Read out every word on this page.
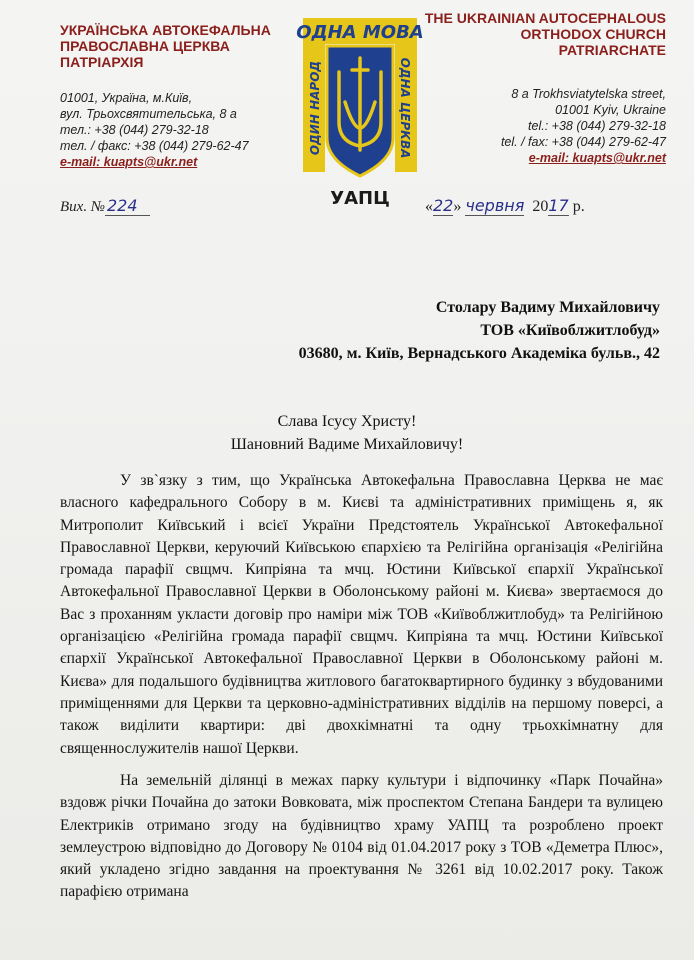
УКРАЇНСЬКА АВТОКЕФАЛЬНА
ПРАВОСЛАВНА ЦЕРКВА
ПАТРІАРХІЯ
THE UKRAINIAN AUTOCEPHALOUS
ORTHODOX CHURCH
PATRIARCHATE
01001, Україна, м.Київ,
вул. Трьохсвятительська, 8 а
тел.: +38 (044) 279-32-18
тел. / факс: +38 (044) 279-62-47
e-mail: kuapts@ukr.net
8 a Trokhsviatytelska street,
01001 Kyiv, Ukraine
tel.: +38 (044) 279-32-18
tel. / fax: +38 (044) 279-62-47
e-mail: kuapts@ukr.net
ОДНА МОВА
ОДИН НАРОД	ОДНА ЦЕРКВА
УАПЦ
Вих. № 224	«22» червня 2017 р.
Столару Вадиму Михайловичу
ТОВ «Київоблжитлобуд»
03680, м. Київ, Вернадського Академіка бульв., 42
Слава Ісусу Христу!
Шановний Вадиме Михайловичу!

У зв`язку з тим, що Українська Автокефальна Православна Церква не має власного кафедрального Собору в м. Києві та адміністративних приміщень я, як Митрополит Київський і всієї України Предстоятель Української Автокефальної Православної Церкви, керуючий Київською єпархією та Релігійна організація «Релігійна громада парафії свщмч. Кипріяна та мчц. Юстини Київської єпархії Української Автокефальної Православної Церкви в Оболонському районі м. Києва» звертаємося до Вас з проханням укласти договір про наміри між ТОВ «Київоблжитлобуд» та Релігійною організацією «Релігійна громада парафії свщмч. Кипріяна та мчц. Юстини Київської єпархії Української Автокефальної Православної Церкви в Оболонському районі м. Києва» для подальшого будівництва житлового багатоквартирного будинку з вбудованими приміщеннями для Церкви та церковно-адміністративних відділів на першому поверсі, а також виділити квартири: дві двохкімнатні та одну трьохкімнатну для священнослужителів нашої Церкви.

На земельній ділянці в межах парку культури і відпочинку «Парк Почайна» вздовж річки Почайна до затоки Вовковата, між проспектом Степана Бандери та вулицею Електриків отримано згоду на будівництво храму УАПЦ та розроблено проект землеустрою відповідно до Договору № 0104 від 01.04.2017 року з ТОВ «Деметра Плюс», який укладено згідно завдання на проектування № 3261 від 10.02.2017 року. Також парафією отримана
